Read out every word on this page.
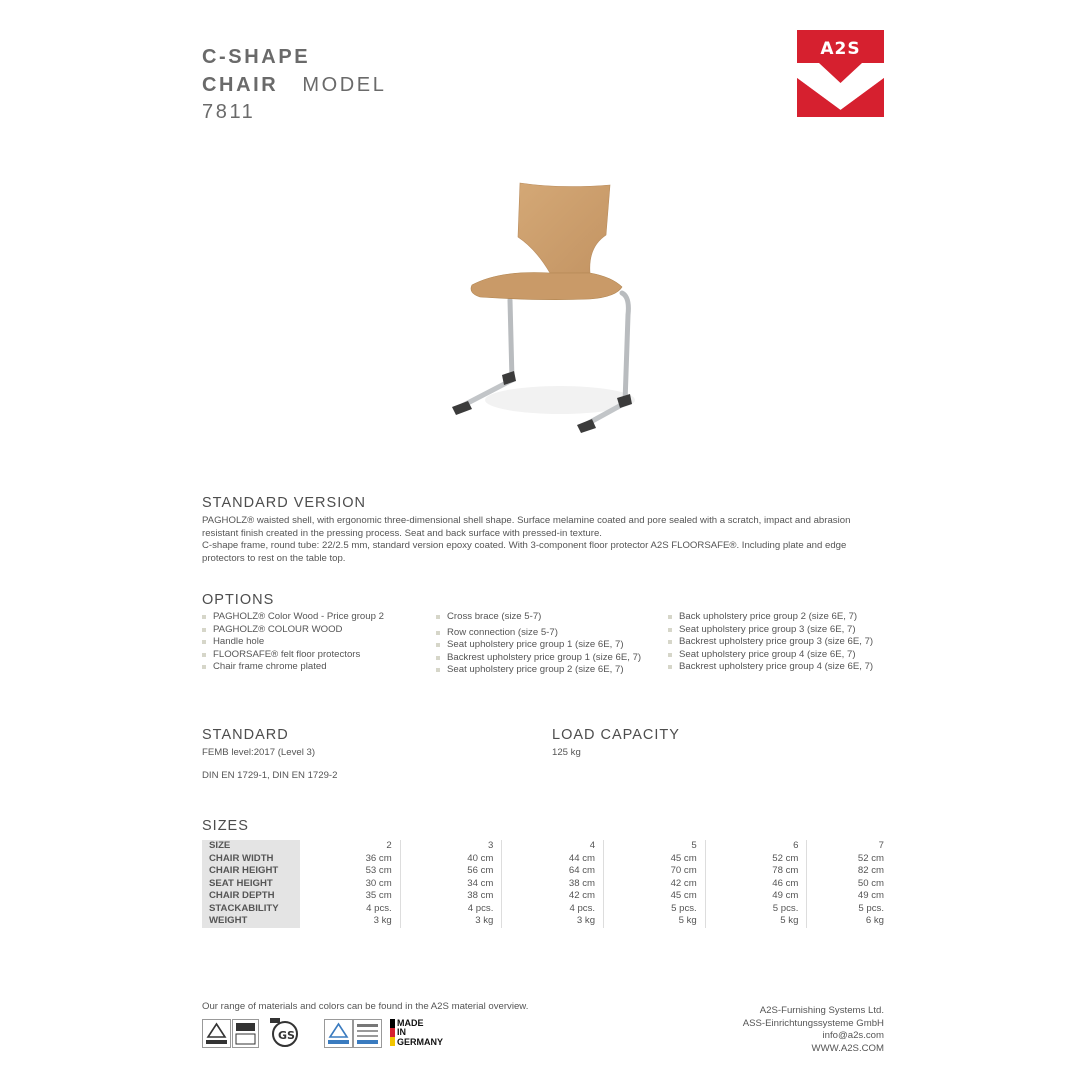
C-SHAPE
CHAIR MODEL
7811
A2S
STANDARD VERSION
PAGHOLZ® waisted shell, with ergonomic three-dimensional shell shape. Surface melamine coated and pore sealed with a scratch, impact and abrasion resistant finish created in the pressing process. Seat and back surface with pressed-in texture.
C-shape frame, round tube: 22/2.5 mm, standard version epoxy coated. With 3-component floor protector A2S FLOORSAFE®. Including plate and edge protectors to rest on the table top.
OPTIONS
PAGHOLZ® Color Wood - Price group 2
PAGHOLZ® COLOUR WOOD
Handle hole
FLOORSAFE® felt floor protectors
Chair frame chrome plated
Cross brace (size 5-7)
Row connection (size 5-7)
Seat upholstery price group 1 (size 6E, 7)
Backrest upholstery price group 1 (size 6E, 7)
Seat upholstery price group 2 (size 6E, 7)
Back upholstery price group 2 (size 6E, 7)
Seat upholstery price group 3 (size 6E, 7)
Backrest upholstery price group 3 (size 6E, 7)
Seat upholstery price group 4 (size 6E, 7)
Backrest upholstery price group 4 (size 6E, 7)
STANDARD
FEMB level:2017 (Level 3)
DIN EN 1729-1, DIN EN 1729-2
LOAD CAPACITY
125 kg
SIZES
SIZE	2	3	4	5	6	7
CHAIR WIDTH	36 cm	40 cm	44 cm	45 cm	52 cm	52 cm
CHAIR HEIGHT	53 cm	56 cm	64 cm	70 cm	78 cm	82 cm
SEAT HEIGHT	30 cm	34 cm	38 cm	42 cm	46 cm	50 cm
CHAIR DEPTH	35 cm	38 cm	42 cm	45 cm	49 cm	49 cm
STACKABILITY	4 pcs.	4 pcs.	4 pcs.	5 pcs.	5 pcs.	5 pcs.
WEIGHT	3 kg	3 kg	3 kg	5 kg	5 kg	6 kg
Our range of materials and colors can be found in the A2S material overview.
GS
MADE
IN
GERMANY
A2S-Furnishing Systems Ltd.
ASS-Einrichtungssysteme GmbH
info@a2s.com
WWW.A2S.COM
